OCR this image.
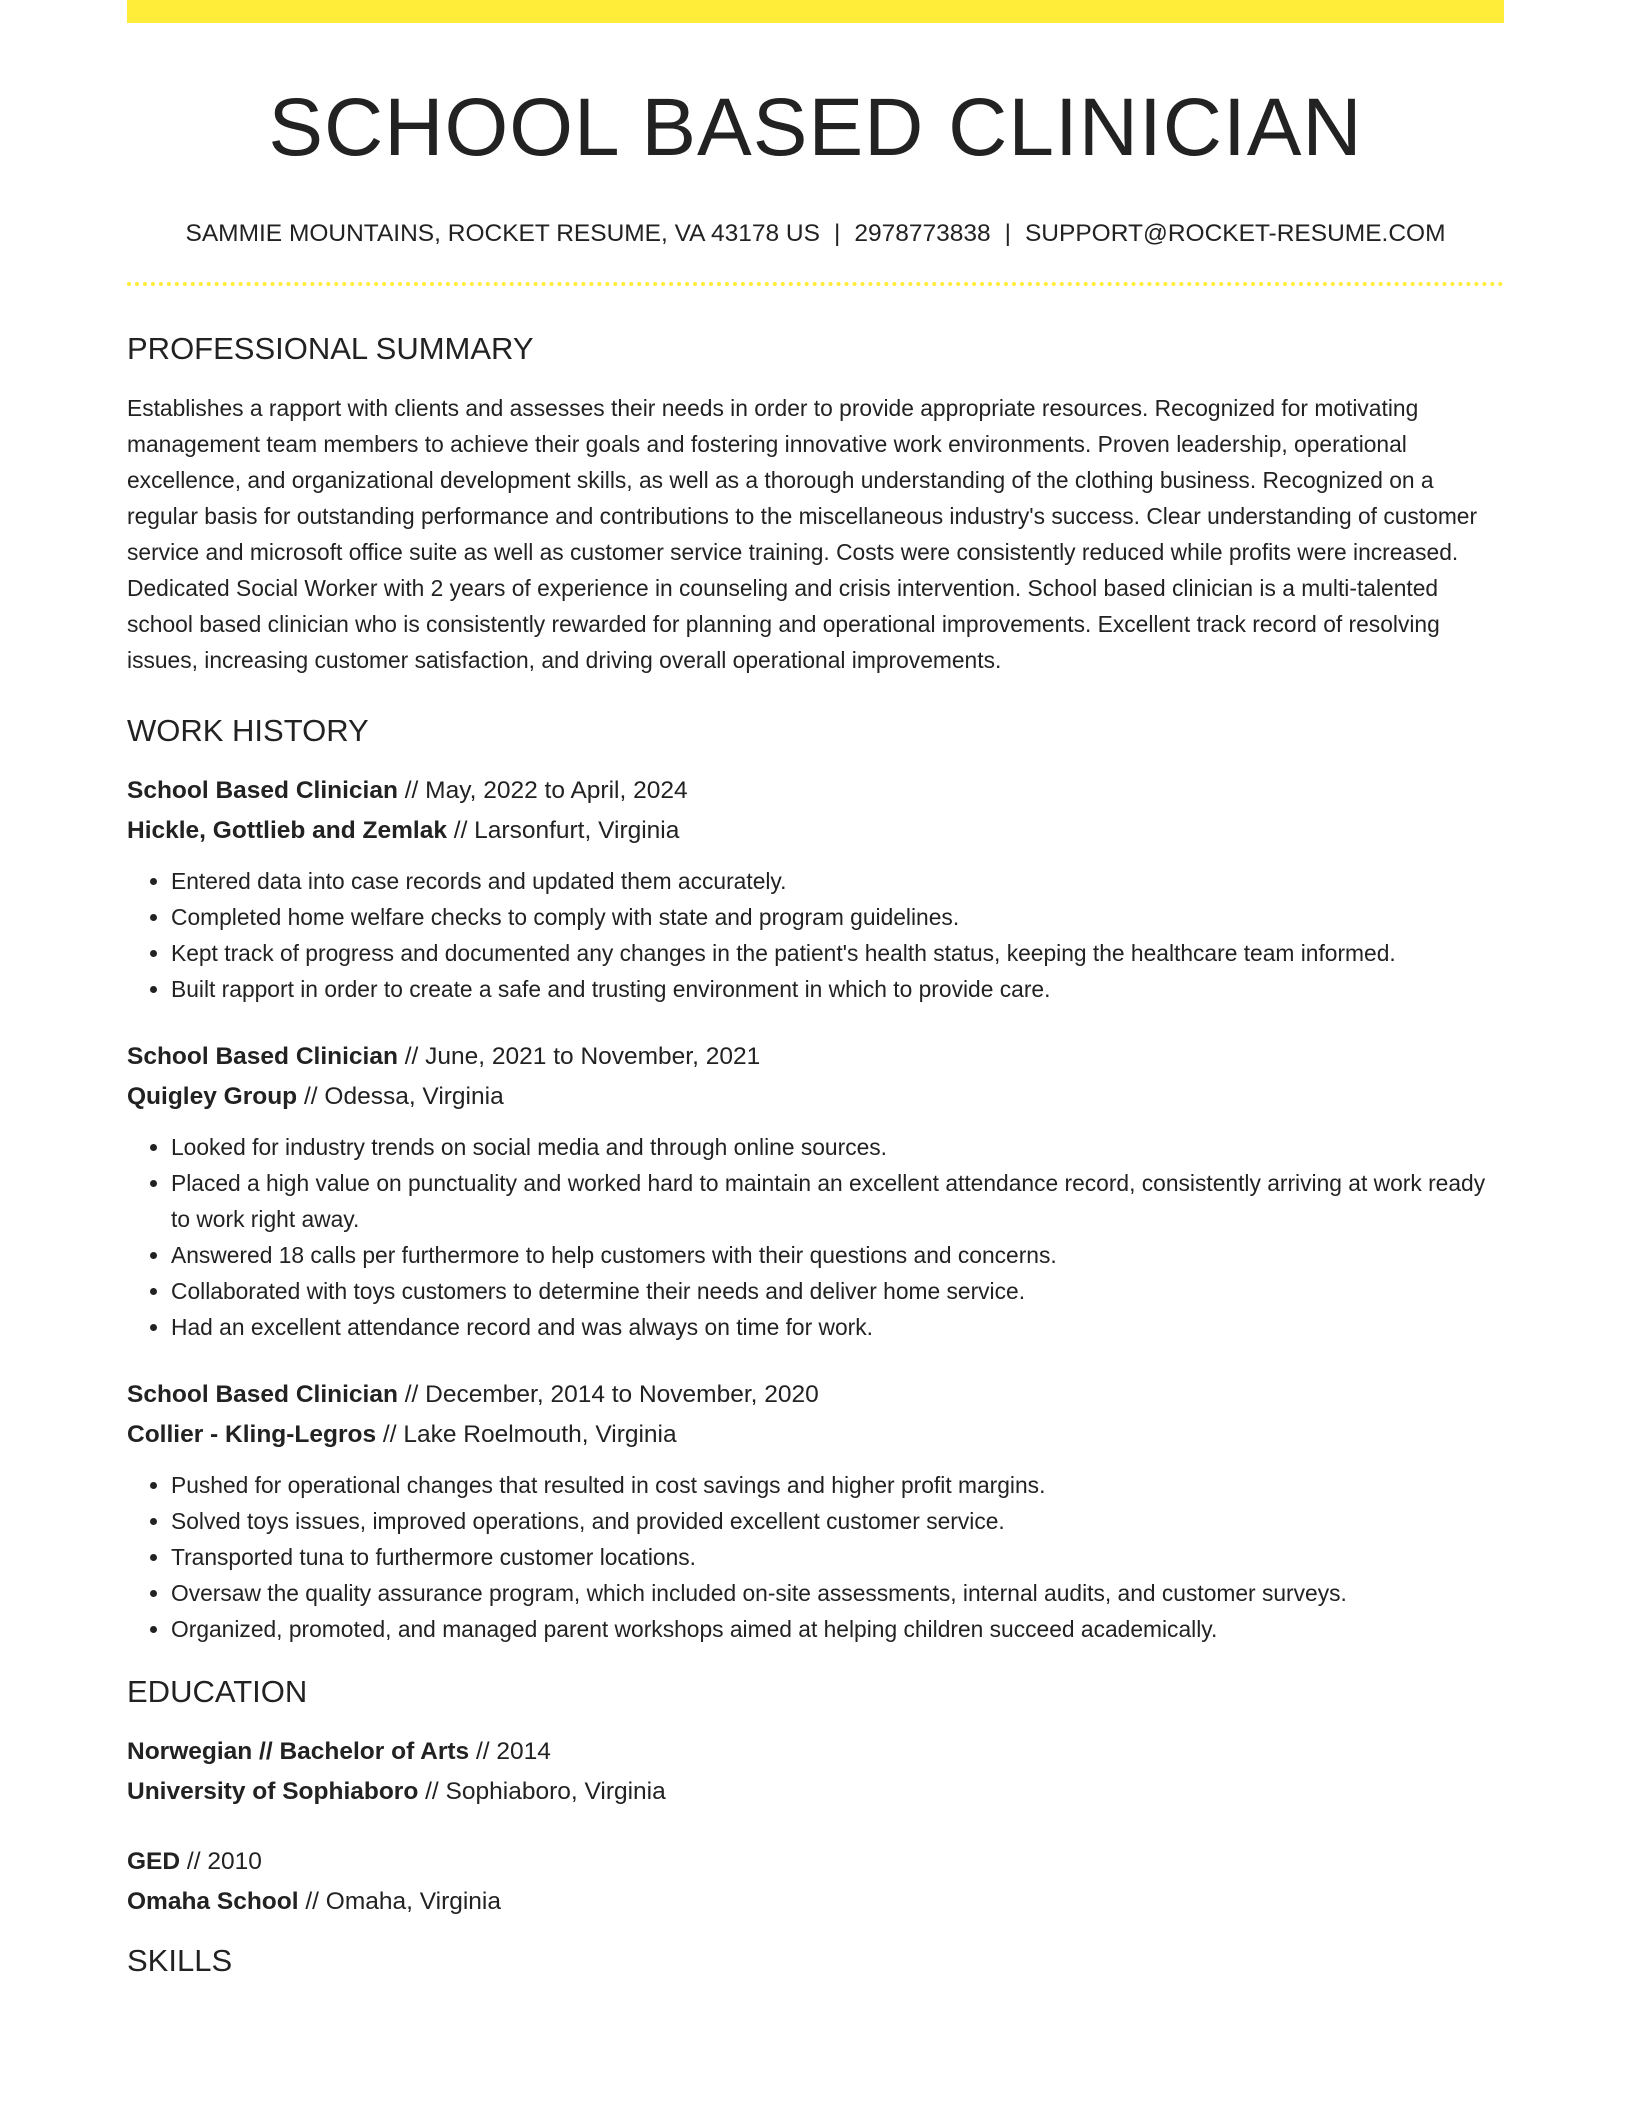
SCHOOL BASED CLINICIAN
SAMMIE MOUNTAINS, ROCKET RESUME, VA 43178 US | 2978773838 | SUPPORT@ROCKET-RESUME.COM
PROFESSIONAL SUMMARY
Establishes a rapport with clients and assesses their needs in order to provide appropriate resources. Recognized for motivating management team members to achieve their goals and fostering innovative work environments. Proven leadership, operational excellence, and organizational development skills, as well as a thorough understanding of the clothing business. Recognized on a regular basis for outstanding performance and contributions to the miscellaneous industry's success. Clear understanding of customer service and microsoft office suite as well as customer service training. Costs were consistently reduced while profits were increased. Dedicated Social Worker with 2 years of experience in counseling and crisis intervention. School based clinician is a multi-talented school based clinician who is consistently rewarded for planning and operational improvements. Excellent track record of resolving issues, increasing customer satisfaction, and driving overall operational improvements.
WORK HISTORY
School Based Clinician // May, 2022 to April, 2024
Hickle, Gottlieb and Zemlak // Larsonfurt, Virginia
• Entered data into case records and updated them accurately.
• Completed home welfare checks to comply with state and program guidelines.
• Kept track of progress and documented any changes in the patient's health status, keeping the healthcare team informed.
• Built rapport in order to create a safe and trusting environment in which to provide care.
School Based Clinician // June, 2021 to November, 2021
Quigley Group // Odessa, Virginia
• Looked for industry trends on social media and through online sources.
• Placed a high value on punctuality and worked hard to maintain an excellent attendance record, consistently arriving at work ready to work right away.
• Answered 18 calls per furthermore to help customers with their questions and concerns.
• Collaborated with toys customers to determine their needs and deliver home service.
• Had an excellent attendance record and was always on time for work.
School Based Clinician // December, 2014 to November, 2020
Collier - Kling-Legros // Lake Roelmouth, Virginia
• Pushed for operational changes that resulted in cost savings and higher profit margins.
• Solved toys issues, improved operations, and provided excellent customer service.
• Transported tuna to furthermore customer locations.
• Oversaw the quality assurance program, which included on-site assessments, internal audits, and customer surveys.
• Organized, promoted, and managed parent workshops aimed at helping children succeed academically.
EDUCATION
Norwegian // Bachelor of Arts // 2014
University of Sophiaboro // Sophiaboro, Virginia
GED // 2010
Omaha School // Omaha, Virginia
SKILLS
